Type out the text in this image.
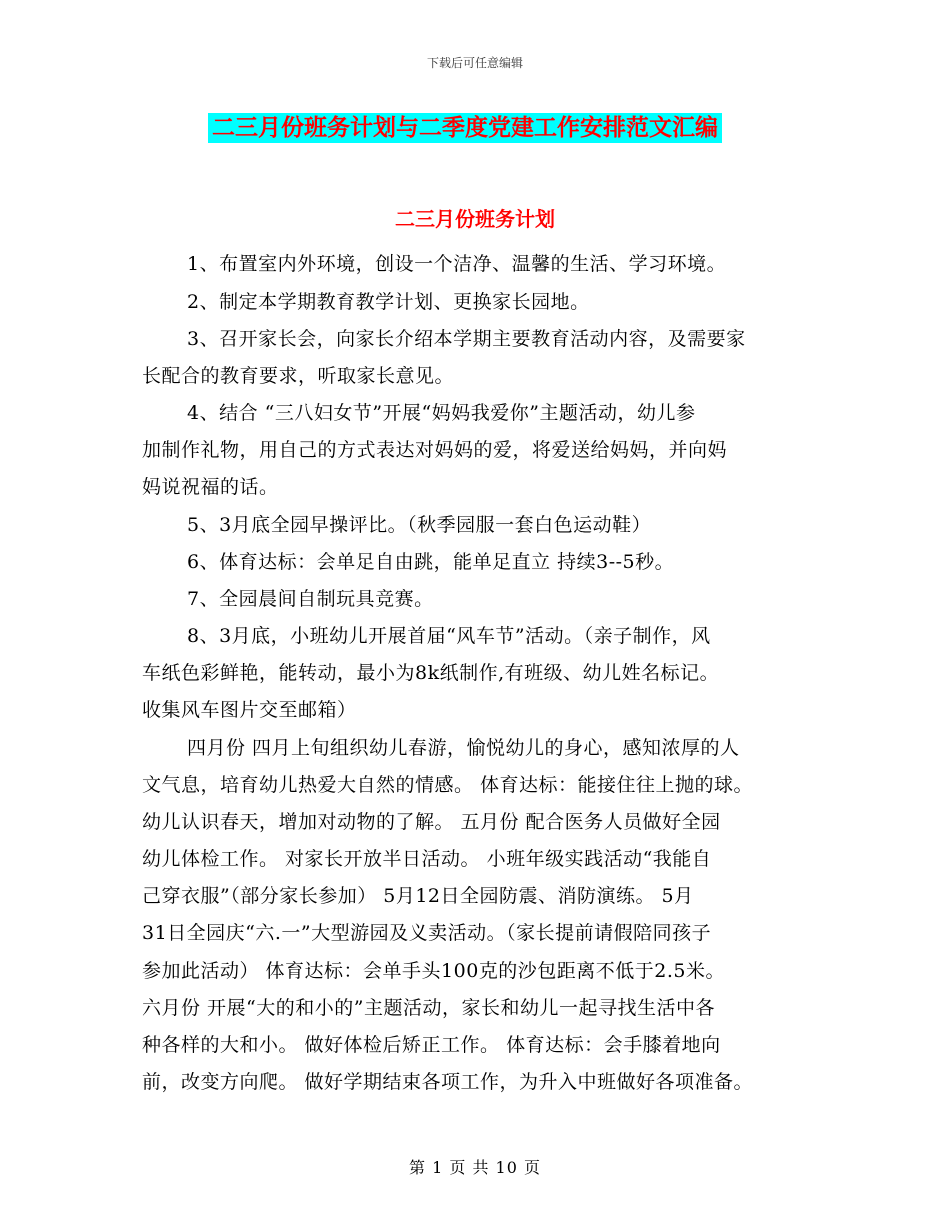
下载后可任意编辑
二三月份班务计划与二季度党建工作安排范文汇编
二三月份班务计划
1、布置室内外环境，创设一个洁净、温馨的生活、学习环境。
2、制定本学期教育教学计划、更换家长园地。
3、召开家长会，向家长介绍本学期主要教育活动内容，及需要家
长配合的教育要求，听取家长意见。
4、结合 “三八妇女节”开展“妈妈我爱你”主题活动，幼儿参
加制作礼物，用自己的方式表达对妈妈的爱，将爱送给妈妈，并向妈
妈说祝福的话。
5、3月底全园早操评比。（秋季园服一套白色运动鞋）
6、体育达标：会单足自由跳，能单足直立 持续3--5秒。
7、全园晨间自制玩具竞赛。
8、3月底，小班幼儿开展首届“风车节”活动。（亲子制作，风
车纸色彩鲜艳，能转动，最小为8k纸制作,有班级、幼儿姓名标记。
收集风车图片交至邮箱）
四月份 四月上旬组织幼儿春游，愉悦幼儿的身心，感知浓厚的人
文气息，培育幼儿热爱大自然的情感。 体育达标：能接住往上抛的球。
幼儿认识春天，增加对动物的了解。 五月份 配合医务人员做好全园
幼儿体检工作。 对家长开放半日活动。 小班年级实践活动“我能自
己穿衣服”（部分家长参加） 5月12日全园防震、消防演练。 5月
31日全园庆“六.一”大型游园及义卖活动。（家长提前请假陪同孩子
参加此活动） 体育达标：会单手头100克的沙包距离不低于2.5米。
六月份 开展“大的和小的”主题活动，家长和幼儿一起寻找生活中各
种各样的大和小。 做好体检后矫正工作。 体育达标：会手膝着地向
前，改变方向爬。 做好学期结束各项工作，为升入中班做好各项准备。
第 1 页 共 10 页
